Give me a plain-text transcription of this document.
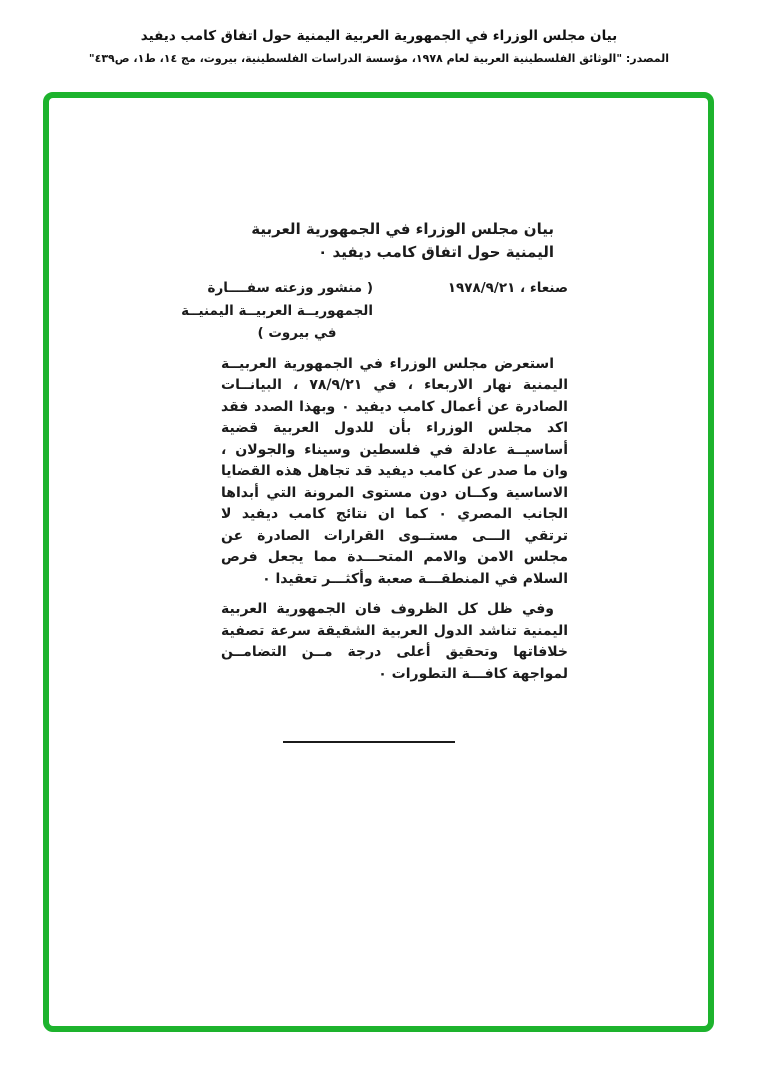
بيان مجلس الوزراء في الجمهورية العربية اليمنية حول اتفاق كامب ديفيد
المصدر: "الوثائق الفلسطينية العربية لعام ١٩٧٨، مؤسسة الدراسات الفلسطينية، بيروت، مج ١٤، ط١، ص٤٣٩"
بيان مجلس الوزراء في الجمهورية العربية اليمنية حول اتفاق كامب ديفيد ٠
صنعاء ، ١٩٧٨/٩/٢١
( منشور وزعته سفــــارة
الجمهوريــة العربيــة اليمنيــة
في بيروت )

استعرض مجلس الوزراء في الجمهورية العربيــة اليمنية نهار الاربعاء ، في ٧٨/٩/٢١ ، البيانــات الصادرة عن أعمال كامب ديفيد ٠ وبهذا الصدد فقد اكد مجلس الوزراء بأن للدول العربية قضية أساسيــة عادلة في فلسطين وسيناء والجولان ، وان ما صدر عن كامب ديفيد قد تجاهل هذه القضايا الاساسية وكــان دون مستوى المرونة التي أبداها الجانب المصري ٠ كما ان نتائج كامب ديفيد لا ترتقي الـــى مستــوى القرارات الصادرة عن مجلس الامن والامم المتحـــدة مما يجعل فرص السلام في المنطقـــة صعبة وأكثـــر تعقيدا ٠

وفي ظل كل الظروف فان الجمهورية العربية اليمنية تناشد الدول العربية الشقيقة سرعة تصفية خلافاتها وتحقيق أعلى درجة مــن التضامــن لمواجهة كافـــة التطورات ٠
